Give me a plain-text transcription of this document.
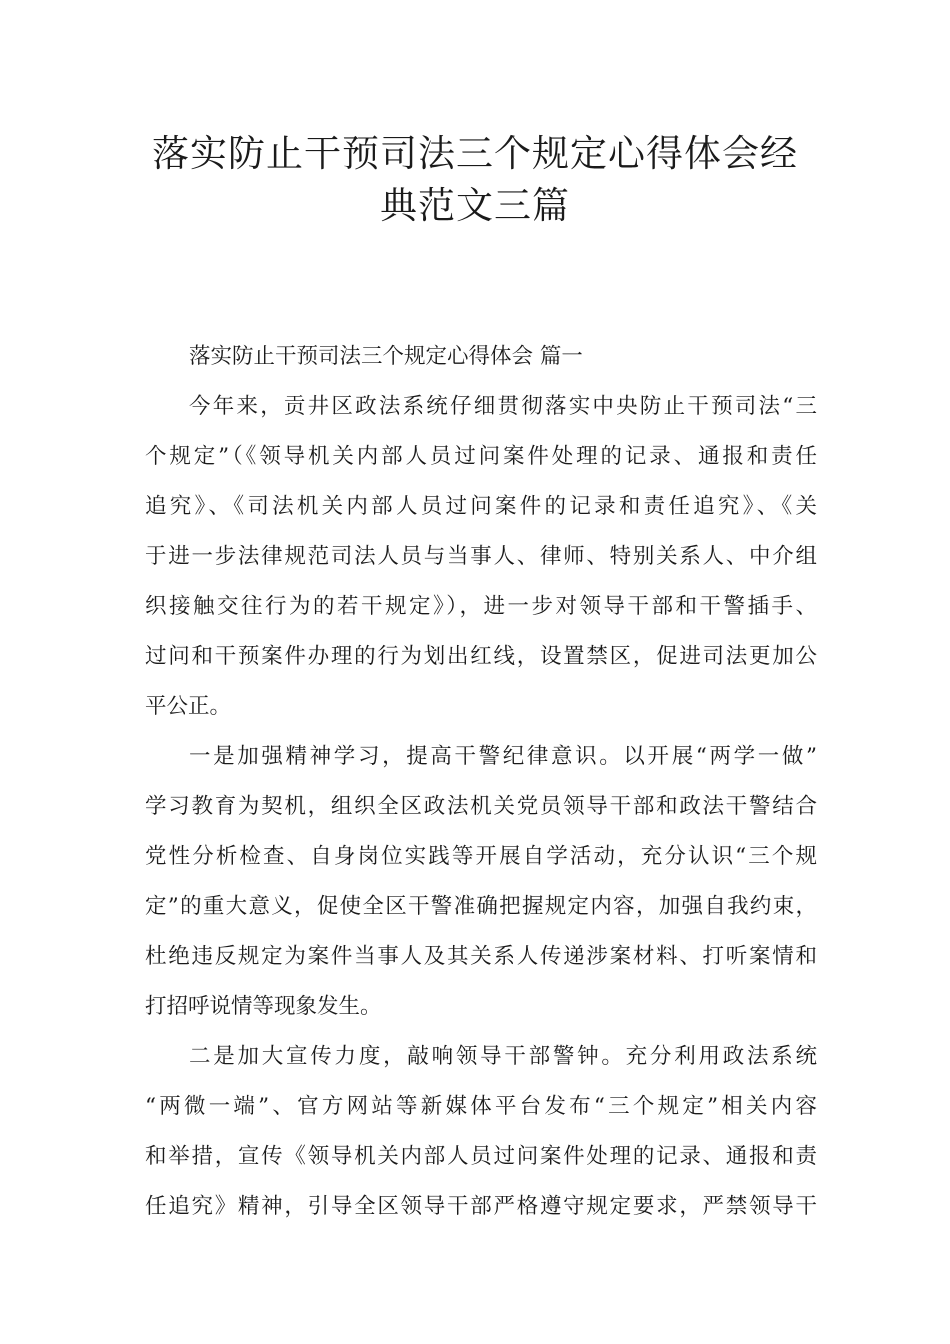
落实防止干预司法三个规定心得体会经
典范文三篇
落实防止干预司法三个规定心得体会 篇一
今年来，贡井区政法系统仔细贯彻落实中央防止干预司法“三
个规定”（《领导机关内部人员过问案件处理的记录、通报和责任
追究》、《司法机关内部人员过问案件的记录和责任追究》、《关
于进一步法律规范司法人员与当事人、律师、特别关系人、中介组
织接触交往行为的若干规定》），进一步对领导干部和干警插手、
过问和干预案件办理的行为划出红线，设置禁区，促进司法更加公
平公正。
一是加强精神学习，提高干警纪律意识。以开展“两学一做”
学习教育为契机，组织全区政法机关党员领导干部和政法干警结合
党性分析检查、自身岗位实践等开展自学活动，充分认识“三个规
定”的重大意义，促使全区干警准确把握规定内容，加强自我约束，
杜绝违反规定为案件当事人及其关系人传递涉案材料、打听案情和
打招呼说情等现象发生。
二是加大宣传力度，敲响领导干部警钟。充分利用政法系统
“两微一端”、官方网站等新媒体平台发布“三个规定”相关内容
和举措，宣传《领导机关内部人员过问案件处理的记录、通报和责
任追究》精神，引导全区领导干部严格遵守规定要求，严禁领导干
